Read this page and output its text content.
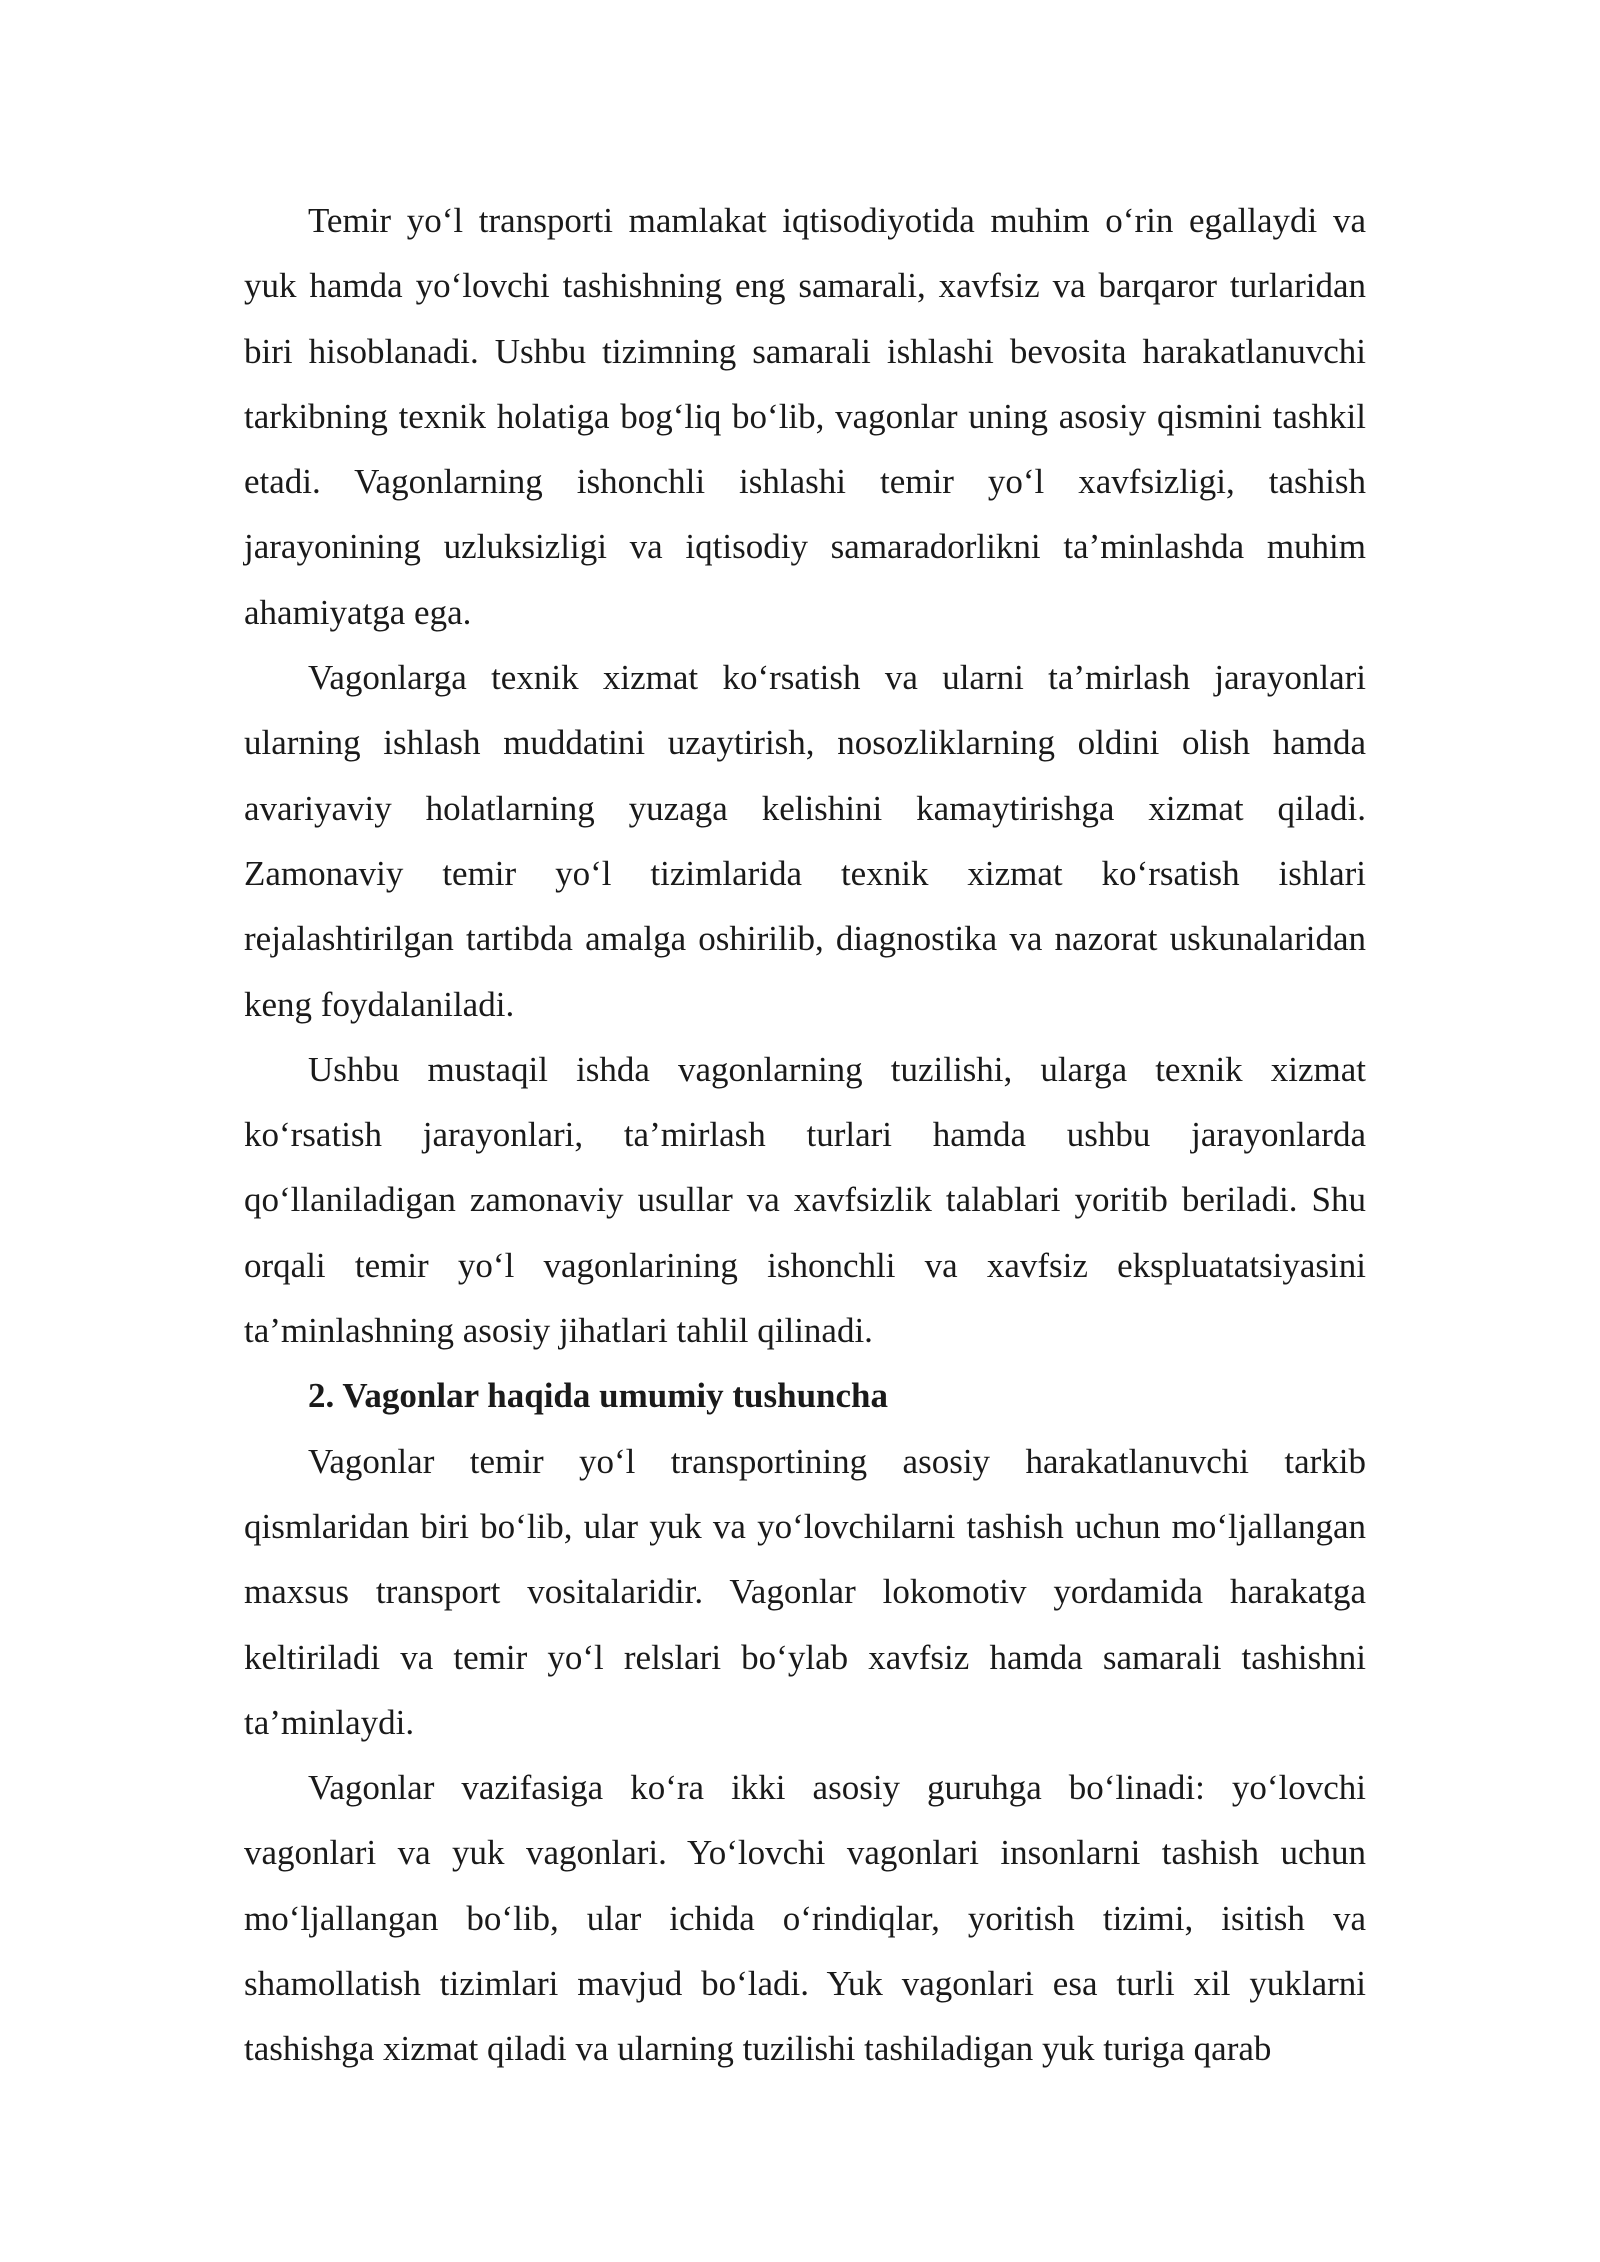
Temir yo‘l transporti mamlakat iqtisodiyotida muhim o‘rin egallaydi va yuk hamda yo‘lovchi tashishning eng samarali, xavfsiz va barqaror turlaridan biri hisoblanadi. Ushbu tizimning samarali ishlashi bevosita harakatlanuvchi tarkibning texnik holatiga bog‘liq bo‘lib, vagonlar uning asosiy qismini tashkil etadi. Vagonlarning ishonchli ishlashi temir yo‘l xavfsizligi, tashish jarayonining uzluksizligi va iqtisodiy samaradorlikni ta’minlashda muhim ahamiyatga ega.

Vagonlarga texnik xizmat ko‘rsatish va ularni ta’mirlash jarayonlari ularning ishlash muddatini uzaytirish, nosozliklarning oldini olish hamda avariyaviy holatlarning yuzaga kelishini kamaytirishga xizmat qiladi. Zamonaviy temir yo‘l tizimlarida texnik xizmat ko‘rsatish ishlari rejalashtirilgan tartibda amalga oshirilib, diagnostika va nazorat uskunalaridan keng foydalaniladi.

Ushbu mustaqil ishda vagonlarning tuzilishi, ularga texnik xizmat ko‘rsatish jarayonlari, ta’mirlash turlari hamda ushbu jarayonlarda qo‘llaniladigan zamonaviy usullar va xavfsizlik talablari yoritib beriladi. Shu orqali temir yo‘l vagonlarining ishonchli va xavfsiz ekspluatatsiyasini ta’minlashning asosiy jihatlari tahlil qilinadi.

2. Vagonlar haqida umumiy tushuncha

Vagonlar temir yo‘l transportining asosiy harakatlanuvchi tarkib qismlaridan biri bo‘lib, ular yuk va yo‘lovchilarni tashish uchun mo‘ljallangan maxsus transport vositalaridir. Vagonlar lokomotiv yordamida harakatga keltiriladi va temir yo‘l relslari bo‘ylab xavfsiz hamda samarali tashishni ta’minlaydi.

Vagonlar vazifasiga ko‘ra ikki asosiy guruhga bo‘linadi: yo‘lovchi vagonlari va yuk vagonlari. Yo‘lovchi vagonlari insonlarni tashish uchun mo‘ljallangan bo‘lib, ular ichida o‘rindiqlar, yoritish tizimi, isitish va shamollatish tizimlari mavjud bo‘ladi. Yuk vagonlari esa turli xil yuklarni tashishga xizmat qiladi va ularning tuzilishi tashiladigan yuk turiga qarab
